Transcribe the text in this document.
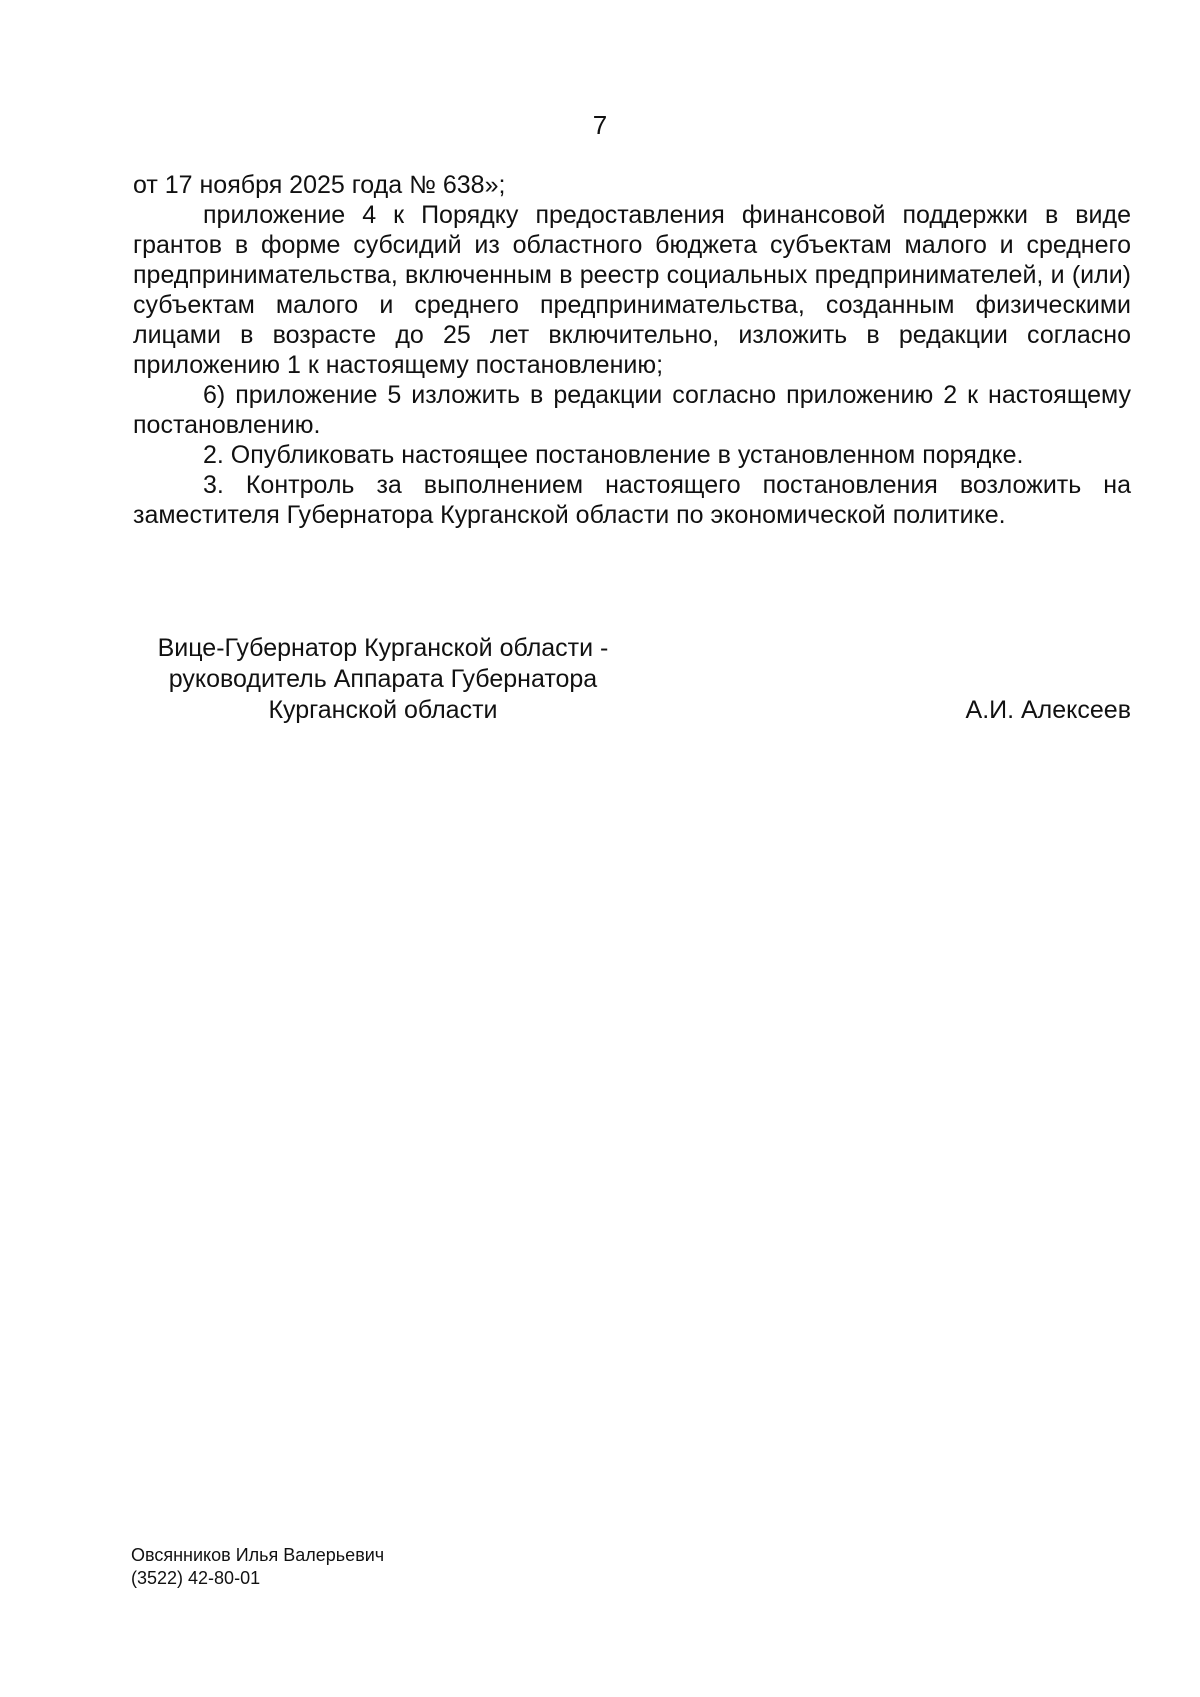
7

от 17 ноября 2025 года № 638»;

приложение 4 к Порядку предоставления финансовой поддержки в виде грантов в форме субсидий из областного бюджета субъектам малого и среднего предпринимательства, включенным в реестр социальных предпринимателей, и (или) субъектам малого и среднего предпринимательства, созданным физическими лицами в возрасте до 25 лет включительно, изложить в редакции согласно приложению 1 к настоящему постановлению;

6) приложение 5 изложить в редакции согласно приложению 2 к настоящему постановлению.

2. Опубликовать настоящее постановление в установленном порядке.

3. Контроль за выполнением настоящего постановления возложить на заместителя Губернатора Курганской области по экономической политике.

Вице-Губернатор Курганской области -
руководитель Аппарата Губернатора
Курганской области	А.И. Алексеев
Овсянников Илья Валерьевич
(3522) 42-80-01
